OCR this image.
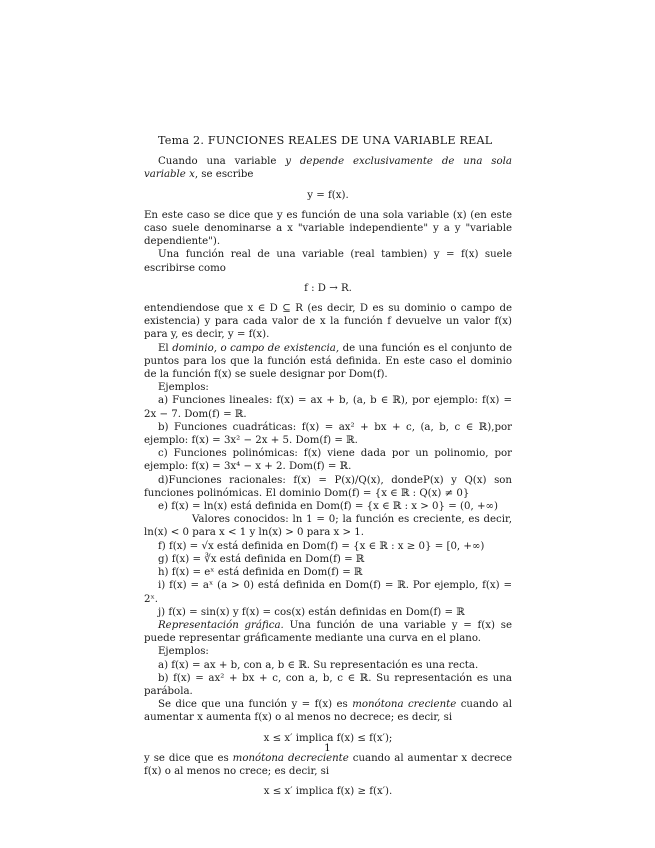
Tema 2. FUNCIONES REALES DE UNA VARIABLE REAL

Cuando una variable y depende exclusivamente de una sola variable x, se escribe

y = f(x).

En este caso se dice que y es función de una sola variable (x) (en este caso suele denominarse a x "variable independiente" y a y "variable dependiente").

Una función real de una variable (real tambien) y = f(x) suele escribirse como

f : D → R.

entendiendose que x ∈ D ⊆ R (es decir, D es su dominio o campo de existencia) y para cada valor de x la función f devuelve un valor f(x) para y, es decir, y = f(x).

El dominio, o campo de existencia, de una función es el conjunto de puntos para los que la función está definida. En este caso el dominio de la función f(x) se suele designar por Dom(f).

Ejemplos:

a) Funciones lineales: f(x) = ax + b, (a, b ∈ ℝ), por ejemplo: f(x) = 2x − 7. Dom(f) = ℝ.

b) Funciones cuadráticas: f(x) = ax² + bx + c, (a, b, c ∈ ℝ),por ejemplo: f(x) = 3x² − 2x + 5. Dom(f) = ℝ.

c) Funciones polinómicas: f(x) viene dada por un polinomio, por ejemplo: f(x) = 3x⁴ − x + 2. Dom(f) = ℝ.

d)Funciones racionales: f(x) = P(x)/Q(x), dondeP(x) y Q(x) son funciones polinómicas. El dominio Dom(f) = {x ∈ ℝ : Q(x) ≠ 0}

e) f(x) = ln(x) está definida en Dom(f) = {x ∈ ℝ : x > 0} = (0, +∞)

Valores conocidos: ln 1 = 0; la función es creciente, es decir, ln(x) < 0 para x < 1 y ln(x) > 0 para x > 1.

f) f(x) = √x está definida en Dom(f) = {x ∈ ℝ : x ≥ 0} = [0, +∞)

g) f(x) = ∛x está definida en Dom(f) = ℝ

h) f(x) = eˣ está definida en Dom(f) = ℝ

i) f(x) = aˣ (a > 0) está definida en Dom(f) = ℝ. Por ejemplo, f(x) = 2ˣ.

j) f(x) = sin(x) y f(x) = cos(x) están definidas en Dom(f) = ℝ

Representación gráfica. Una función de una variable y = f(x) se puede representar gráficamente mediante una curva en el plano.

Ejemplos:

a) f(x) = ax + b, con a, b ∈ ℝ. Su representación es una recta.

b) f(x) = ax² + bx + c, con a, b, c ∈ ℝ. Su representación es una parábola.

Se dice que una función y = f(x) es monótona creciente cuando al aumentar x aumenta f(x) o al menos no decrece; es decir, si

x ≤ x′ implica f(x) ≤ f(x′);

y se dice que es monótona decreciente cuando al aumentar x decrece f(x) o al menos no crece; es decir, si

x ≤ x′ implica f(x) ≥ f(x′).
1
